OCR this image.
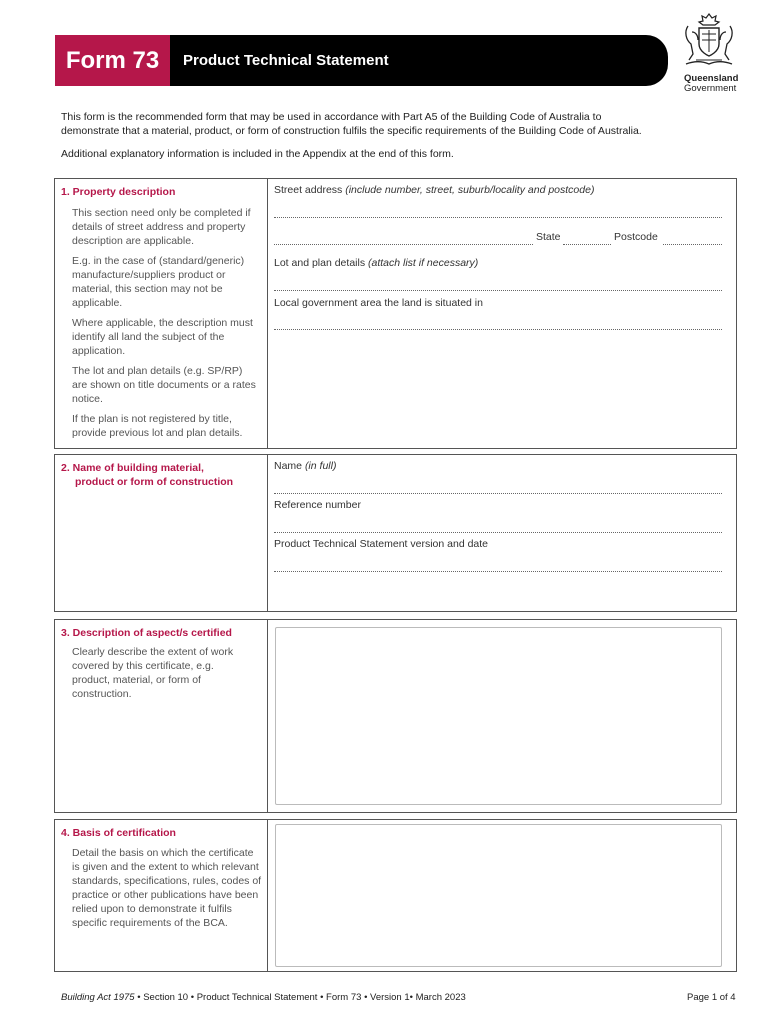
Form 73	Product Technical Statement
Queensland
Government
This form is the recommended form that may be used in accordance with Part A5 of the Building Code of Australia to
demonstrate that a material, product, or form of construction fulfils the specific requirements of the Building Code of Australia.
Additional explanatory information is included in the Appendix at the end of this form.
1. Property description
This section need only be completed if details of street address and property description are applicable.
E.g. in the case of (standard/generic) manufacture/suppliers product or material, this section may not be applicable.
Where applicable, the description must identify all land the subject of the application.
The lot and plan details (e.g. SP/RP) are shown on title documents or a rates notice.
If the plan is not registered by title, provide previous lot and plan details.
Street address (include number, street, suburb/locality and postcode)
State	Postcode
Lot and plan details (attach list if necessary)
Local government area the land is situated in
2. Name of building material,
product or form of construction
Name (in full)
Reference number
Product Technical Statement version and date
3. Description of aspect/s certified
Clearly describe the extent of work covered by this certificate, e.g. product, material, or form of construction.
4. Basis of certification
Detail the basis on which the certificate is given and the extent to which relevant standards, specifications, rules, codes of practice or other publications have been relied upon to demonstrate it fulfils specific requirements of the BCA.
Building Act 1975 • Section 10 • Product Technical Statement • Form 73 • Version 1• March 2023	Page 1 of 4
